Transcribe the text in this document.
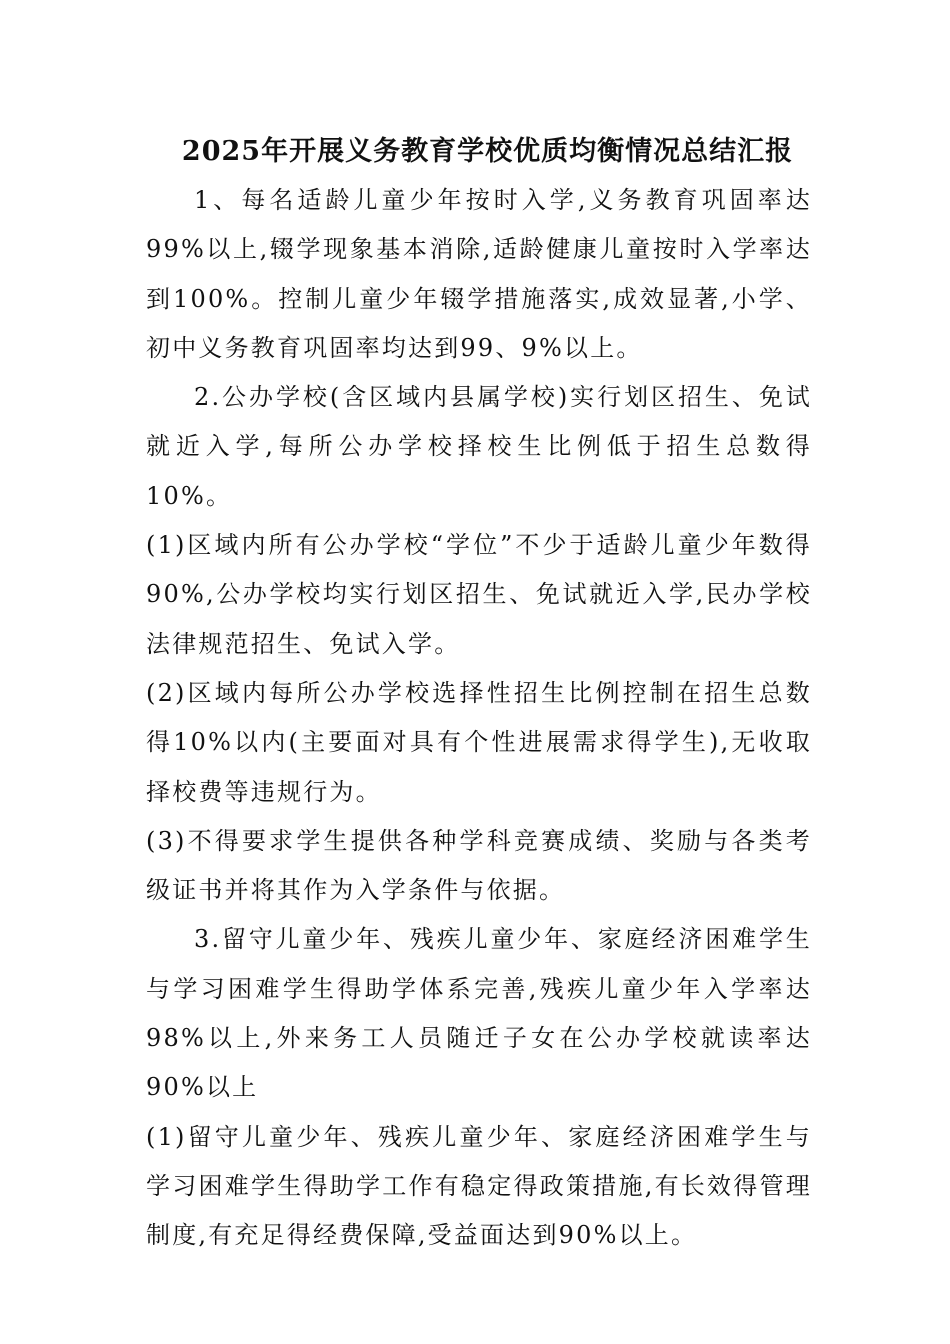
2025年开展义务教育学校优质均衡情况总结汇报

1、每名适龄儿童少年按时入学,义务教育巩固率达99%以上,辍学现象基本消除,适龄健康儿童按时入学率达到100%。控制儿童少年辍学措施落实,成效显著,小学、初中义务教育巩固率均达到99、9%以上。

2.公办学校(含区域内县属学校)实行划区招生、免试就近入学,每所公办学校择校生比例低于招生总数得10%。

(1)区域内所有公办学校“学位”不少于适龄儿童少年数得90%,公办学校均实行划区招生、免试就近入学,民办学校法律规范招生、免试入学。

(2)区域内每所公办学校选择性招生比例控制在招生总数得10%以内(主要面对具有个性进展需求得学生),无收取择校费等违规行为。

(3)不得要求学生提供各种学科竞赛成绩、奖励与各类考级证书并将其作为入学条件与依据。

3.留守儿童少年、残疾儿童少年、家庭经济困难学生与学习困难学生得助学体系完善,残疾儿童少年入学率达98%以上,外来务工人员随迁子女在公办学校就读率达90%以上

(1)留守儿童少年、残疾儿童少年、家庭经济困难学生与学习困难学生得助学工作有稳定得政策措施,有长效得管理制度,有充足得经费保障,受益面达到90%以上。
